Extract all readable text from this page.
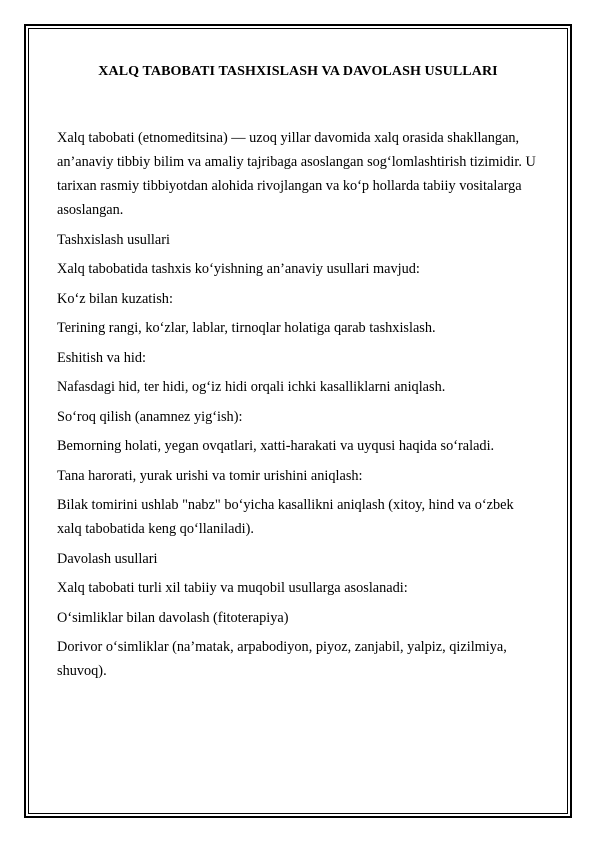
XALQ TABOBATI TASHXISLASH VA DAVOLASH USULLARI

Xalq tabobati (etnomeditsina) — uzoq yillar davomida xalq orasida shakllangan, an’anaviy tibbiy bilim va amaliy tajribaga asoslangan sog‘lomlashtirish tizimidir. U tarixan rasmiy tibbiyotdan alohida rivojlangan va ko‘p hollarda tabiiy vositalarga asoslangan.

Tashxislash usullari

Xalq tabobatida tashxis ko‘yishning an’anaviy usullari mavjud:

Ko‘z bilan kuzatish:

Terining rangi, ko‘zlar, lablar, tirnoqlar holatiga qarab tashxislash.

Eshitish va hid:

Nafasdagi hid, ter hidi, og‘iz hidi orqali ichki kasalliklarni aniqlash.

So‘roq qilish (anamnez yig‘ish):

Bemorning holati, yegan ovqatlari, xatti-harakati va uyqusi haqida so‘raladi.

Tana harorati, yurak urishi va tomir urishini aniqlash:

Bilak tomirini ushlab "nabz" bo‘yicha kasallikni aniqlash (xitoy, hind va o‘zbek xalq tabobatida keng qo‘llaniladi).

Davolash usullari

Xalq tabobati turli xil tabiiy va muqobil usullarga asoslanadi:

O‘simliklar bilan davolash (fitoterapiya)

Dorivor o‘simliklar (na’matak, arpabodiyon, piyoz, zanjabil, yalpiz, qizilmiya, shuvoq).
